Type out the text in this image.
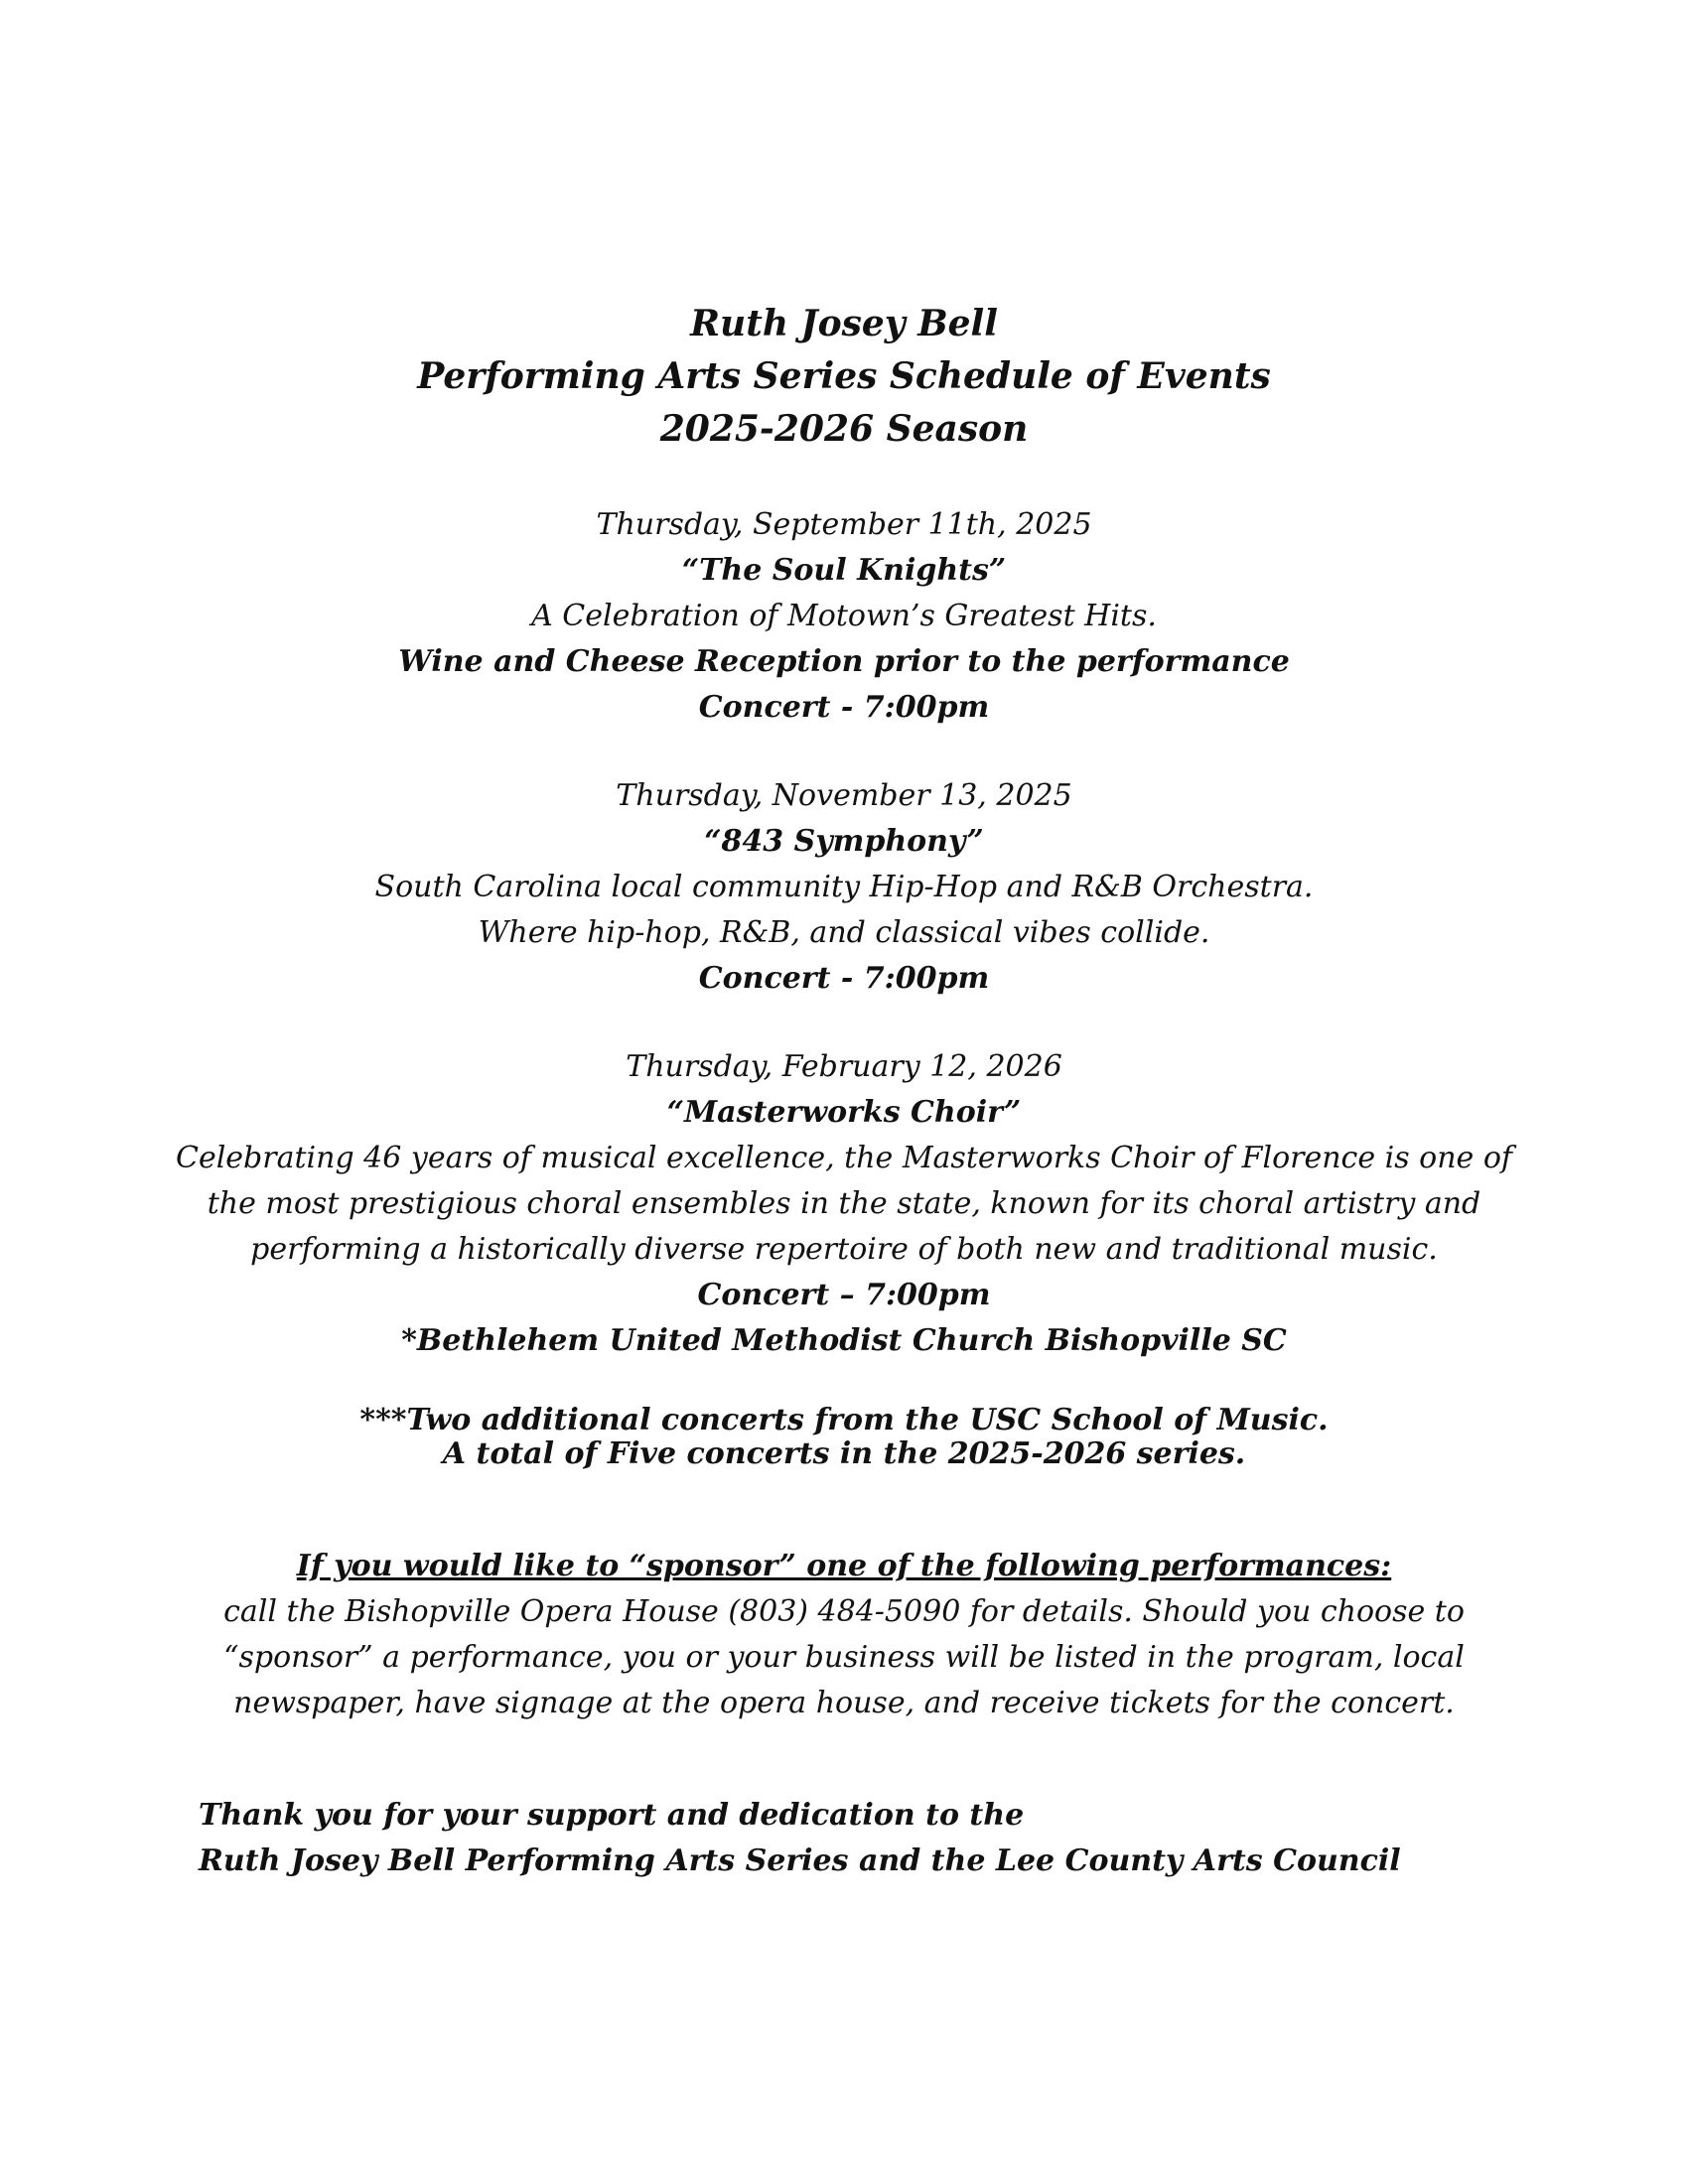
Ruth Josey Bell
Performing Arts Series Schedule of Events
2025-2026 Season
Thursday, September 11th, 2025
“The Soul Knights”
A Celebration of Motown’s Greatest Hits.
Wine and Cheese Reception prior to the performance
Concert - 7:00pm
Thursday, November 13, 2025
“843 Symphony”
South Carolina local community Hip-Hop and R&B Orchestra.
Where hip-hop, R&B, and classical vibes collide.
Concert - 7:00pm
Thursday, February 12, 2026
“Masterworks Choir”
Celebrating 46 years of musical excellence, the Masterworks Choir of Florence is one of
the most prestigious choral ensembles in the state, known for its choral artistry and
performing a historically diverse repertoire of both new and traditional music.
Concert – 7:00pm
*Bethlehem United Methodist Church Bishopville SC
***Two additional concerts from the USC School of Music.
A total of Five concerts in the 2025-2026 series.
If you would like to “sponsor” one of the following performances:
call the Bishopville Opera House (803) 484-5090 for details. Should you choose to
“sponsor” a performance, you or your business will be listed in the program, local
newspaper, have signage at the opera house, and receive tickets for the concert.
Thank you for your support and dedication to the
Ruth Josey Bell Performing Arts Series and the Lee County Arts Council
